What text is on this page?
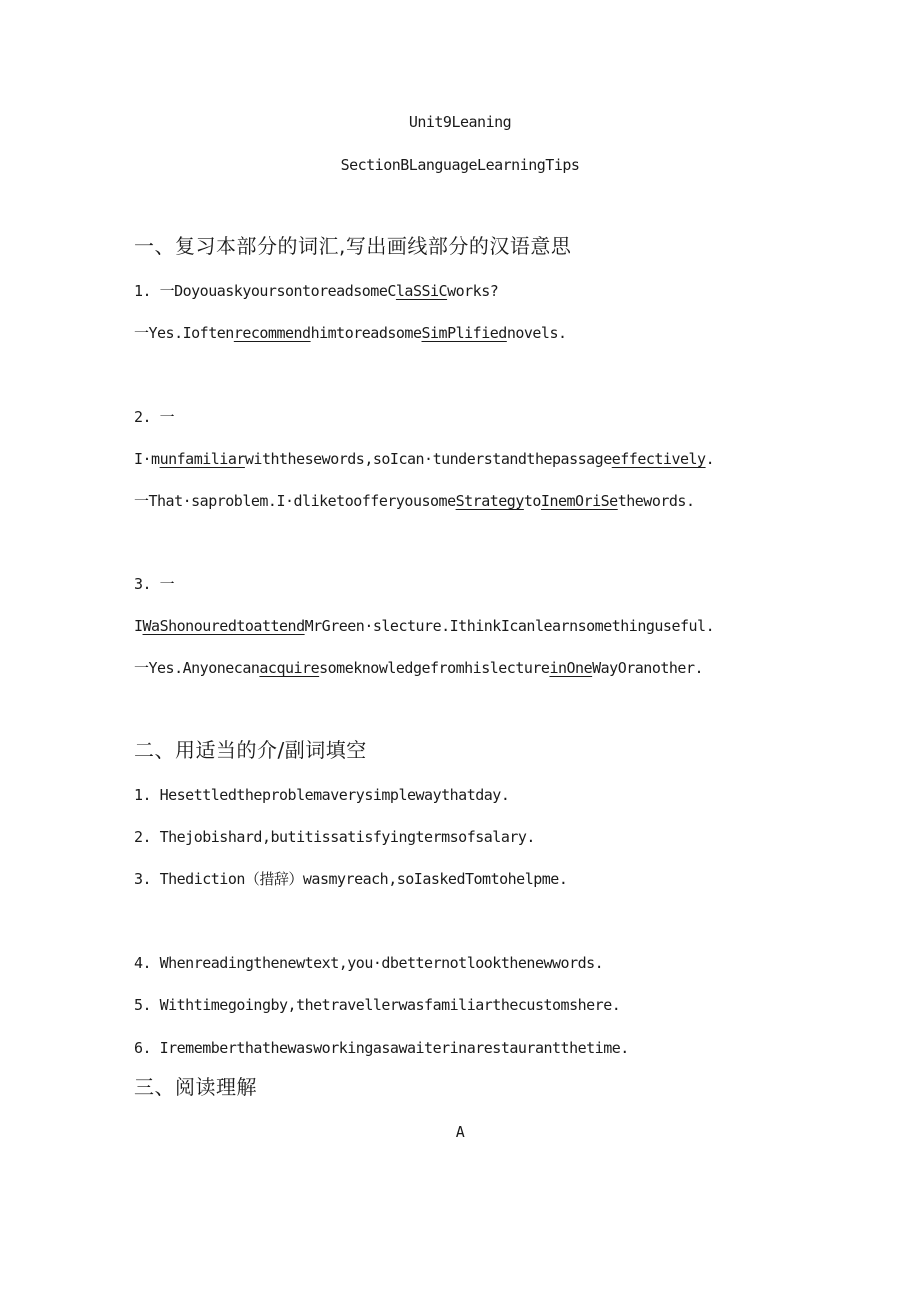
Unit9Leaning
SectionBLanguageLearningTips
一、复习本部分的词汇,写出画线部分的汉语意思
1. 一DoyouaskyoursontoreadsomeClaSSiCworks?
一Yes.IoftenrecommendhimtoreadsomeSimPlifiednovels.
2. 一
I·munfamiliarwiththesewords,soIcan·tunderstandthepassageeffectively.
一That·saproblem.I·dliketoofferyousomeStrategytoInemOriSethewords.
3. 一
IWaShonouredtoattendMrGreen·slecture.IthinkIcanlearnsomethinguseful.
一Yes.AnyonecanacquiresomeknowledgefromhislectureinOneWayOranother.
二、用适当的介/副词填空
1. Hesettledtheproblemaverysimplewaythatday.
2. Thejobishard,butitissatisfyingtermsofsalary.
3. Thediction（措辞）wasmyreach,soIaskedTomtohelpme.
4. Whenreadingthenewtext,you·dbetternotlookthenewwords.
5. Withtimegoingby,thetravellerwasfamiliarthecustomshere.
6. Irememberthathewasworkingasawaiterinarestaurantthetime.
三、阅读理解
A
